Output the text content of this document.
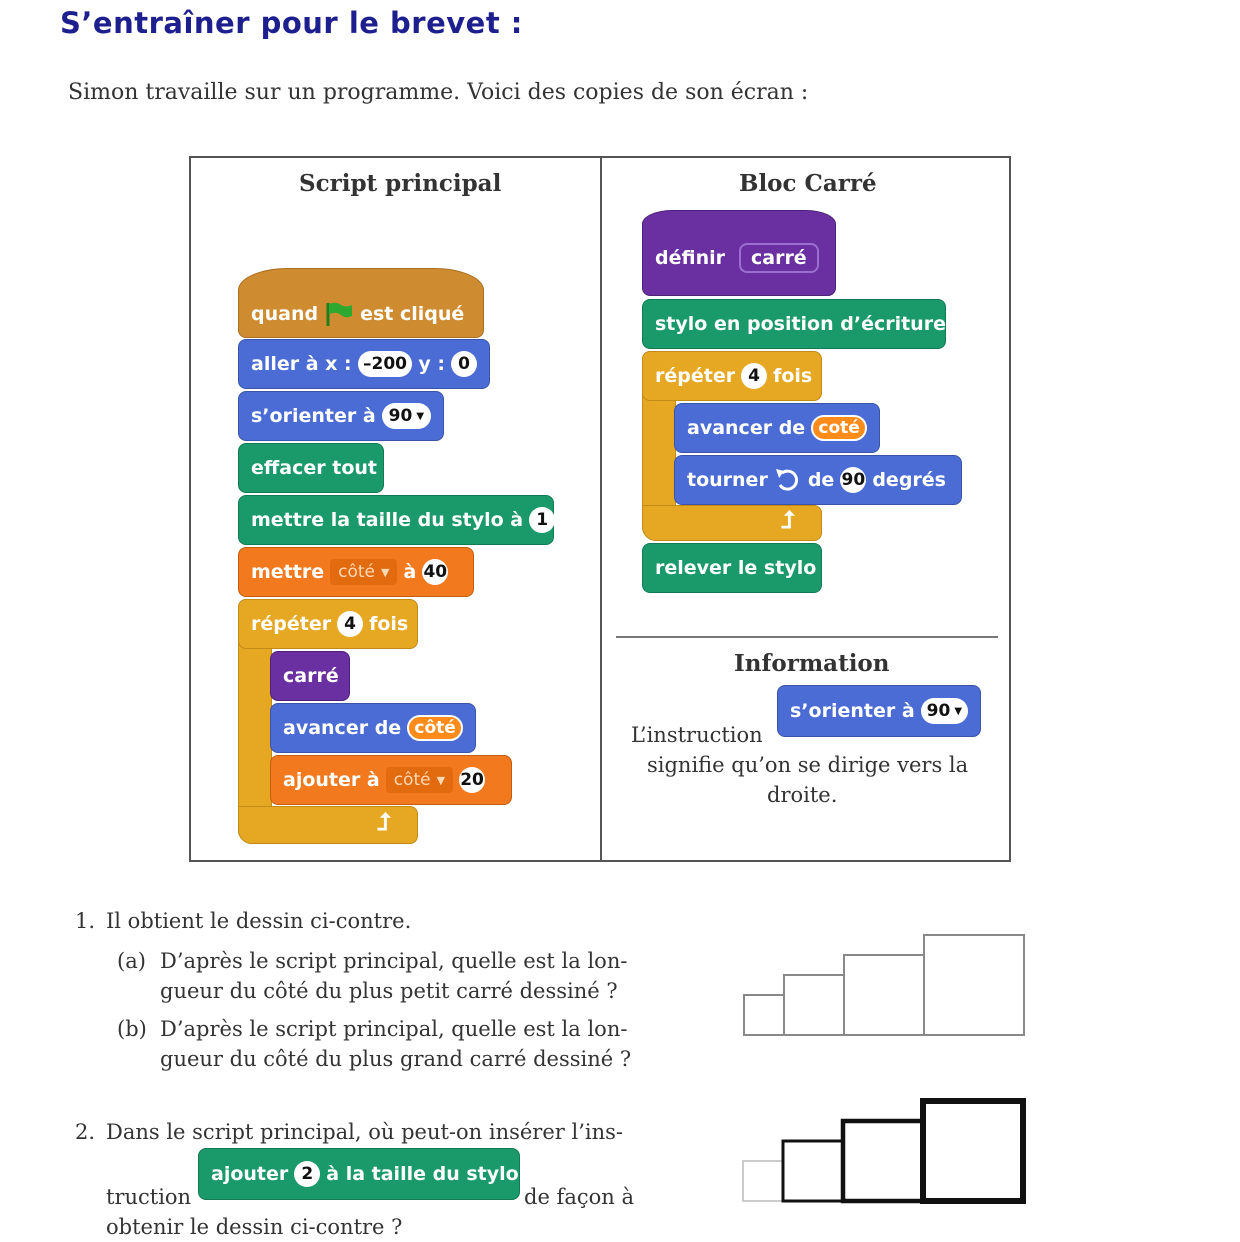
S’entraîner pour le brevet :
Simon travaille sur un programme. Voici des copies de son écran :
Script principal
quand est cliqué
aller à x : –200 y : 0
s’orienter à 90 ▼
effacer tout
mettre la taille du stylo à 1
mettre côté ▼ à 40
répéter 4 fois
⮥
carré
avancer de côté
ajouter à côté ▼ 20
Bloc Carré
définir	carré
stylo en position d’écriture
répéter 4 fois
⮥
avancer de coté
tourner de 90 degrés
relever le stylo
Information
s’orienter à 90 ▼
L’instruction
signifie qu’on se dirige vers la
droite.
1. Il obtient le dessin ci-contre.
(a) D’après le script principal, quelle est la lon-
gueur du côté du plus petit carré dessiné ?
(b) D’après le script principal, quelle est la lon-
gueur du côté du plus grand carré dessiné ?
2. Dans le script principal, où peut-on insérer l’ins-
ajouter 2 à la taille du stylo
truction	de façon à
obtenir le dessin ci-contre ?
